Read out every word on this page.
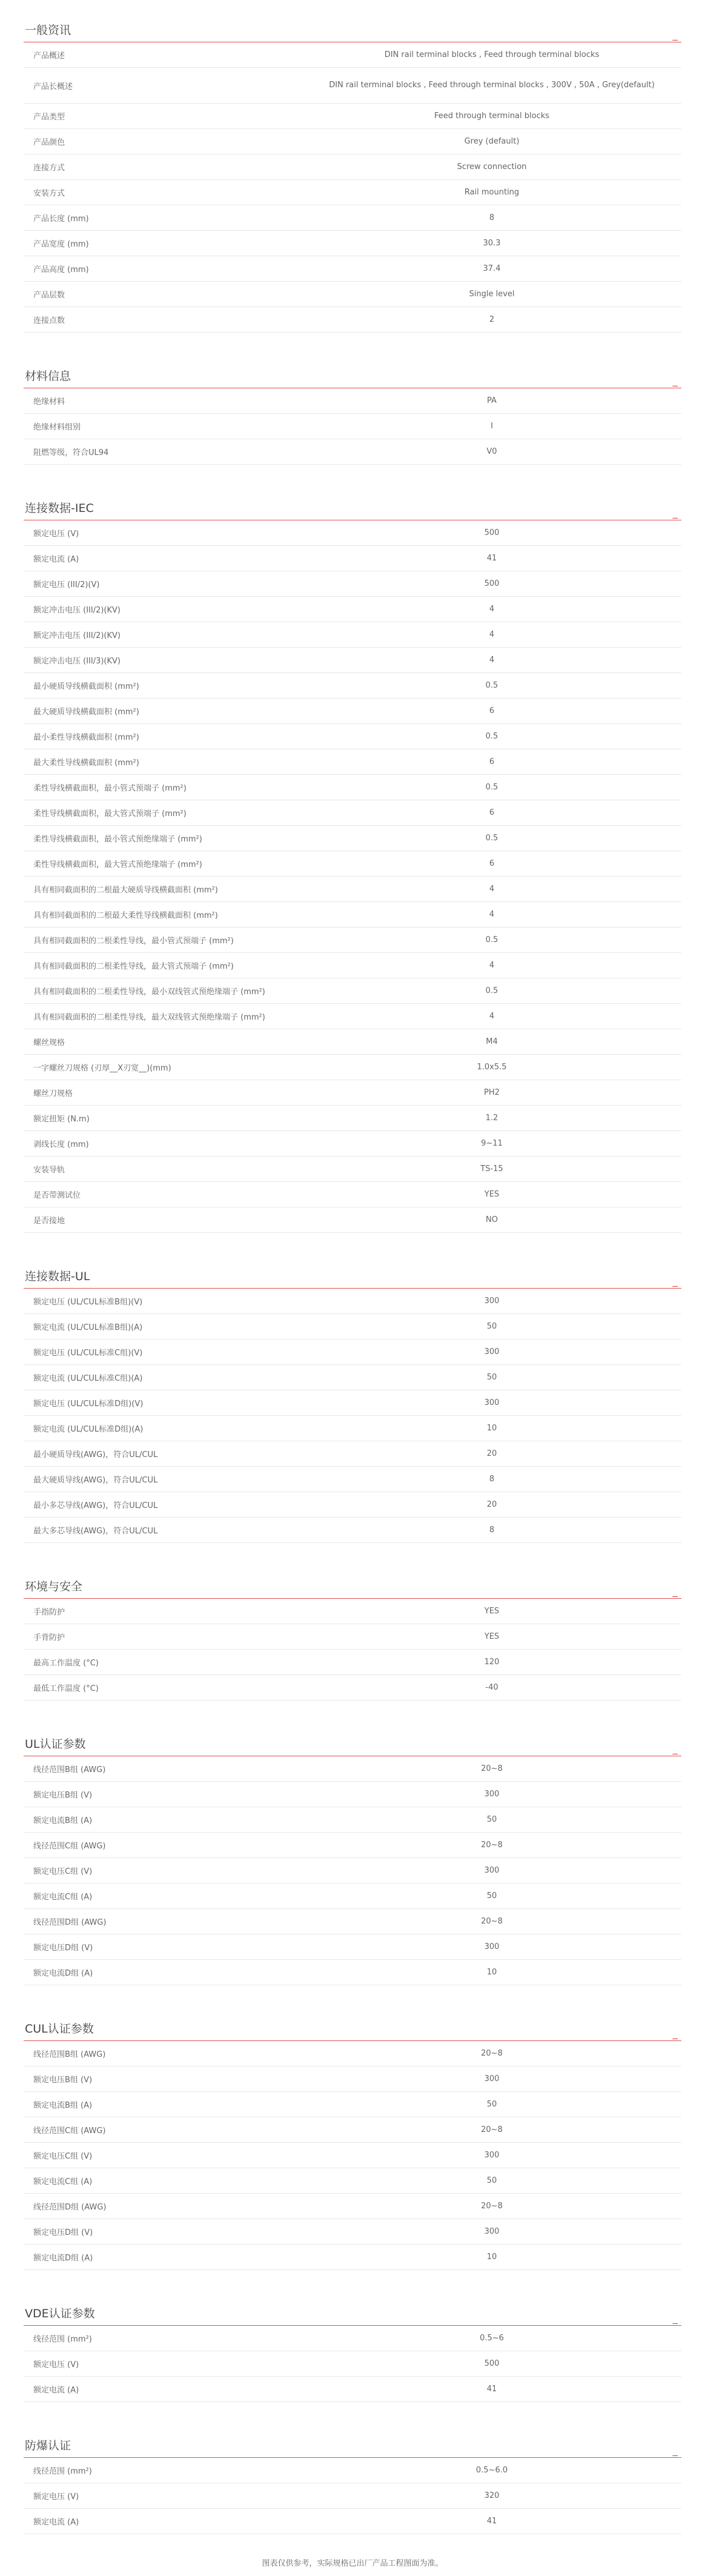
一般资讯	_
产品概述	DIN rail terminal blocks , Feed through terminal blocks
产品长概述	DIN rail terminal blocks , Feed through terminal blocks , 300V , 50A , Grey(default)
产品类型	Feed through terminal blocks
产品颜色	Grey (default)
连接方式	Screw connection
安装方式	Rail mounting
产品长度 (mm)	8
产品宽度 (mm)	30.3
产品高度 (mm)	37.4
产品层数	Single level
连接点数	2
材料信息	_
绝缘材料	PA
绝缘材料组别	I
阻燃等级，符合UL94	V0
连接数据-IEC	_
额定电压 (V)	500
额定电流 (A)	41
额定电压 (III/2)(V)	500
额定冲击电压 (III/2)(KV)	4
额定冲击电压 (III/2)(KV)	4
额定冲击电压 (III/3)(KV)	4
最小硬质导线横截面积 (mm²)	0.5
最大硬质导线横截面积 (mm²)	6
最小柔性导线横截面积 (mm²)	0.5
最大柔性导线横截面积 (mm²)	6
柔性导线横截面积，最小管式预端子 (mm²)	0.5
柔性导线横截面积，最大管式预端子 (mm²)	6
柔性导线横截面积，最小管式预绝缘端子 (mm²)	0.5
柔性导线横截面积，最大管式预绝缘端子 (mm²)	6
具有相同截面积的二根最大硬质导线横截面积 (mm²)	4
具有相同截面积的二根最大柔性导线横截面积 (mm²)	4
具有相同截面积的二根柔性导线，最小管式预端子 (mm²)	0.5
具有相同截面积的二根柔性导线，最大管式预端子 (mm²)	4
具有相同截面积的二根柔性导线，最小双线管式预绝缘端子 (mm²)	0.5
具有相同截面积的二根柔性导线，最大双线管式预绝缘端子 (mm²)	4
螺丝规格	M4
一字螺丝刀规格 (刃厚__X刃宽__)(mm)	1.0x5.5
螺丝刀规格	PH2
额定扭矩 (N.m)	1.2
剥线长度 (mm)	9~11
安装导轨	TS-15
是否带测试位	YES
是否接地	NO
连接数据-UL	_
额定电压 (UL/CUL标准B组)(V)	300
额定电流 (UL/CUL标准B组)(A)	50
额定电压 (UL/CUL标准C组)(V)	300
额定电流 (UL/CUL标准C组)(A)	50
额定电压 (UL/CUL标准D组)(V)	300
额定电流 (UL/CUL标准D组)(A)	10
最小硬质导线(AWG)，符合UL/CUL	20
最大硬质导线(AWG)，符合UL/CUL	8
最小多芯导线(AWG)，符合UL/CUL	20
最大多芯导线(AWG)，符合UL/CUL	8
环境与安全	_
手指防护	YES
手背防护	YES
最高工作温度 (°C)	120
最低工作温度 (°C)	-40
UL认证参数	_
线径范围B组 (AWG)	20~8
额定电压B组 (V)	300
额定电流B组 (A)	50
线径范围C组 (AWG)	20~8
额定电压C组 (V)	300
额定电流C组 (A)	50
线径范围D组 (AWG)	20~8
额定电压D组 (V)	300
额定电流D组 (A)	10
CUL认证参数	_
线径范围B组 (AWG)	20~8
额定电压B组 (V)	300
额定电流B组 (A)	50
线径范围C组 (AWG)	20~8
额定电压C组 (V)	300
额定电流C组 (A)	50
线径范围D组 (AWG)	20~8
额定电压D组 (V)	300
额定电流D组 (A)	10
VDE认证参数	_
线径范围 (mm²)	0.5~6
额定电压 (V)	500
额定电流 (A)	41
防爆认证	_
线径范围 (mm²)	0.5~6.0
额定电压 (V)	320
额定电流 (A)	41
图表仅供参考，实际规格已出厂产品工程图面为准。
